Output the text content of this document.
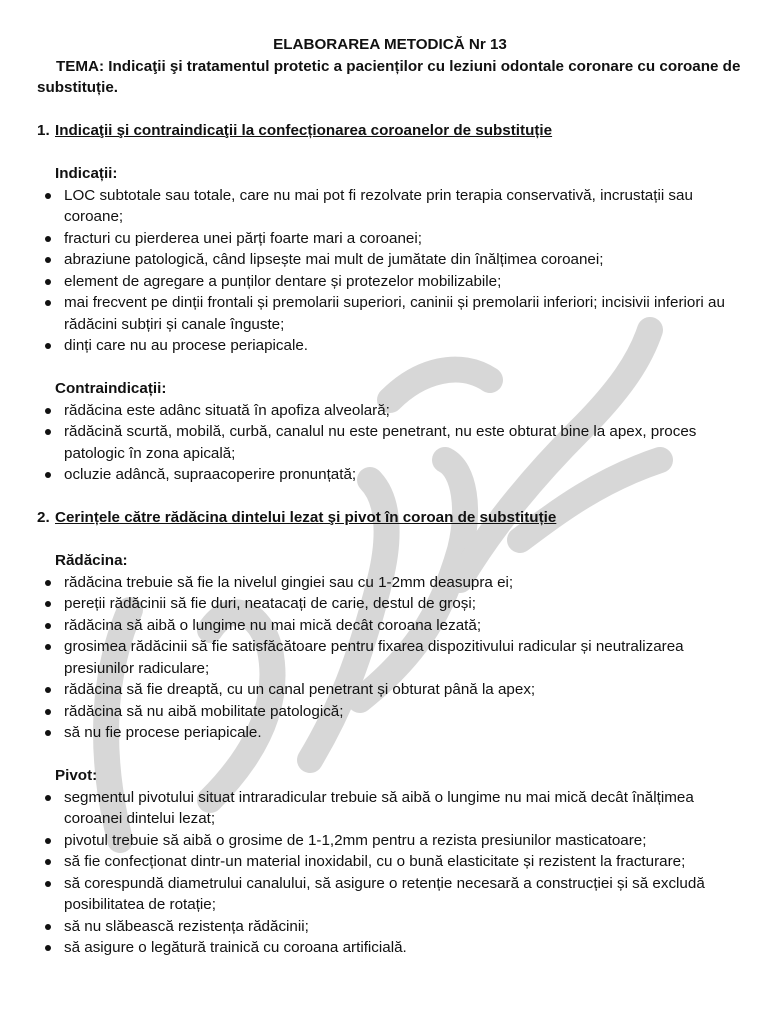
ELABORAREA METODICĂ Nr 13

TEMA: Indicaţii şi tratamentul protetic a pacienților cu leziuni odontale coronare cu coroane de substituție.

1. Indicaţii şi contraindicaţii la confecționarea coroanelor de substituție

Indicații:

LOC subtotale sau totale, care nu mai pot fi rezolvate prin terapia conservativă, incrustații sau coroane;
fracturi cu pierderea unei părți foarte mari a coroanei;
abraziune patologică, când lipsește mai mult de jumătate din înălțimea coroanei;
element de agregare a punților dentare și protezelor mobilizabile;
mai frecvent pe dinții frontali și premolarii superiori, caninii și premolarii inferiori; incisivii inferiori au rădăcini subțiri și canale înguste;
dinți care nu au procese periapicale.

Contraindicații:

rădăcina este adânc situată în apofiza alveolară;
rădăcină scurtă, mobilă, curbă, canalul nu este penetrant, nu este obturat bine la apex, proces patologic în zona apicală;
ocluzie adâncă, supraacoperire pronunțată;

2. Cerințele către rădăcina dintelui lezat şi pivot în coroan de substituție

Rădăcina:

rădăcina trebuie să fie la nivelul gingiei sau cu 1-2mm deasupra ei;
pereții rădăcinii să fie duri, neatacați de carie, destul de groși;
rădăcina să aibă o lungime nu mai mică decât coroana lezată;
grosimea rădăcinii să fie satisfăcătoare pentru fixarea dispozitivului radicular și neutralizarea presiunilor radiculare;
rădăcina să fie dreaptă, cu un canal penetrant și obturat până la apex;
rădăcina să nu aibă mobilitate patologică;
să nu fie procese periapicale.

Pivot:

segmentul pivotului situat intraradicular trebuie să aibă o lungime nu mai mică decât înălțimea coroanei dintelui lezat;
pivotul trebuie să aibă o grosime de 1-1,2mm pentru a rezista presiunilor masticatoare;
să fie confecționat dintr-un material inoxidabil, cu o bună elasticitate și rezistent la fracturare;
să corespundă diametrului canalului, să asigure o retenție necesară a construcției și să excludă posibilitatea de rotație;
să nu slăbească rezistența rădăcinii;
să asigure o legătură trainică cu coroana artificială.
